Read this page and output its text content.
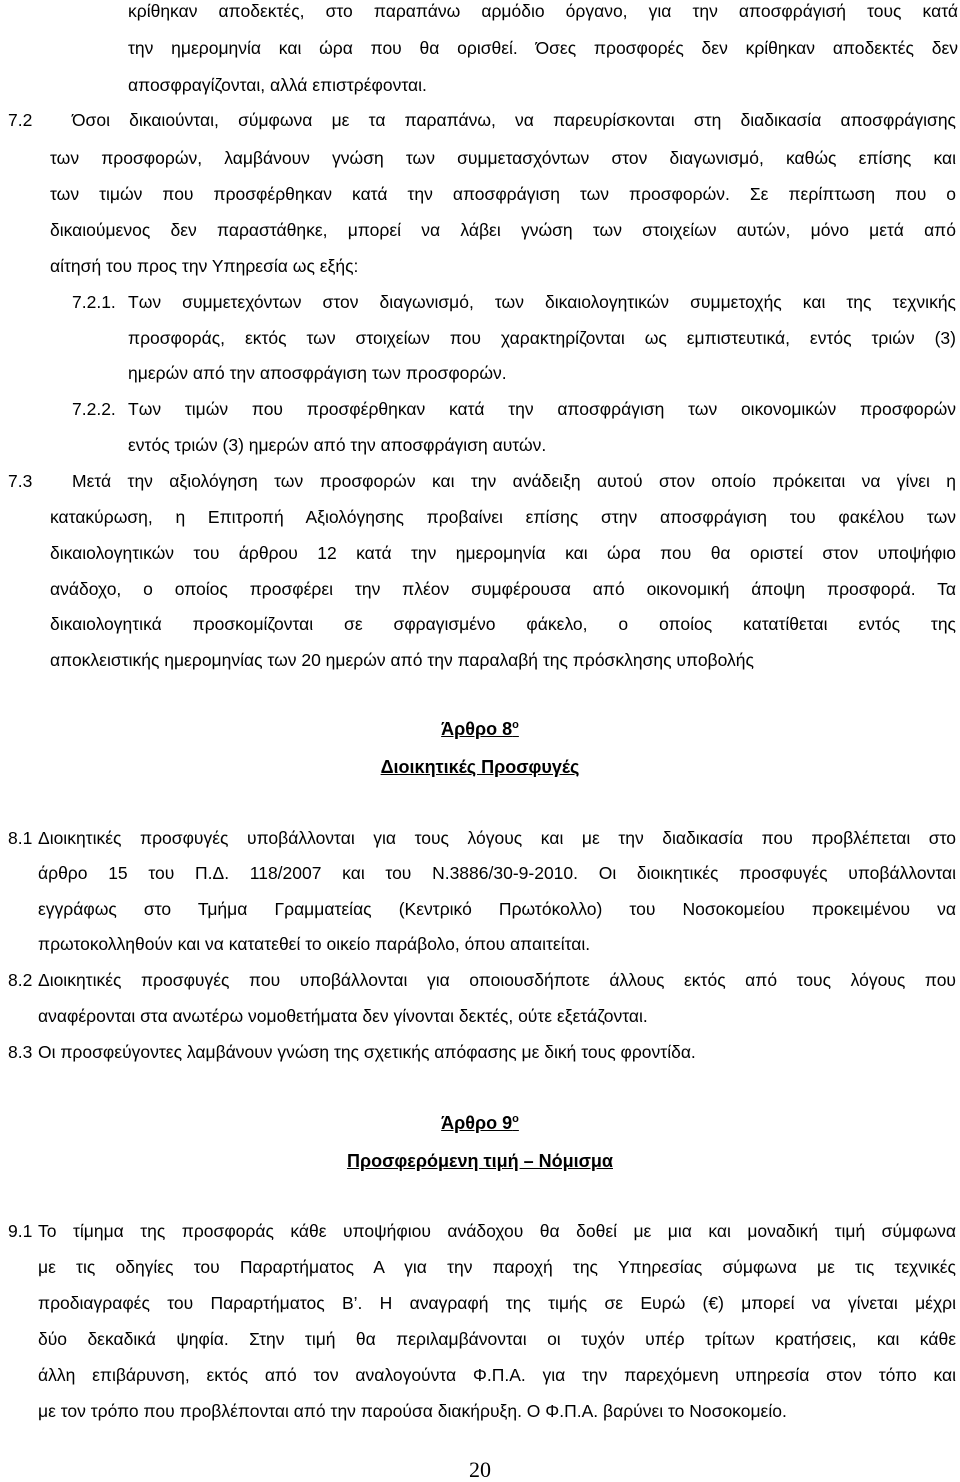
κρίθηκαν αποδεκτές, στο παραπάνω αρμόδιο όργανο, για την αποσφράγισή τους κατά
την ημερομηνία και ώρα που θα ορισθεί. Όσες προσφορές δεν κρίθηκαν αποδεκτές δεν
αποσφραγίζονται, αλλά επιστρέφονται.
7.2 Όσοι δικαιούνται, σύμφωνα με τα παραπάνω, να παρευρίσκονται στη διαδικασία αποσφράγισης
των προσφορών, λαμβάνουν γνώση των συμμετασχόντων στον διαγωνισμό, καθώς επίσης και
των τιμών που προσφέρθηκαν κατά την αποσφράγιση των προσφορών. Σε περίπτωση που ο
δικαιούμενος δεν παραστάθηκε, μπορεί να λάβει γνώση των στοιχείων αυτών, μόνο μετά από
αίτησή του προς την Υπηρεσία ως εξής:
7.2.1. Των συμμετεχόντων στον διαγωνισμό, των δικαιολογητικών συμμετοχής και της τεχνικής
προσφοράς, εκτός των στοιχείων που χαρακτηρίζονται ως εμπιστευτικά, εντός τριών (3)
ημερών από την αποσφράγιση των προσφορών.
7.2.2. Των τιμών που προσφέρθηκαν κατά την αποσφράγιση των οικονομικών προσφορών
εντός τριών (3) ημερών από την αποσφράγιση αυτών.
7.3 Μετά την αξιολόγηση των προσφορών και την ανάδειξη αυτού στον οποίο πρόκειται να γίνει η
κατακύρωση, η Επιτροπή Αξιολόγησης προβαίνει επίσης στην αποσφράγιση του φακέλου των
δικαιολογητικών του άρθρου 12 κατά την ημερομηνία και ώρα που θα οριστεί στον υποψήφιο
ανάδοχο, ο οποίος προσφέρει την πλέον συμφέρουσα από οικονομική άποψη προσφορά. Τα
δικαιολογητικά προσκομίζονται σε σφραγισμένο φάκελο, ο οποίος κατατίθεται εντός της
αποκλειστικής ημερομηνίας των 20 ημερών από την παραλαβή της πρόσκλησης υποβολής
Άρθρο $8^o$
Διοικητικές Προσφυγές
8.1 Διοικητικές προσφυγές υποβάλλονται για τους λόγους και με την διαδικασία που προβλέπεται στο
άρθρο 15 του Π.Δ. 118/2007 και του Ν.3886/30-9-2010. Οι διοικητικές προσφυγές υποβάλλονται
εγγράφως στο Τμήμα Γραμματείας (Κεντρικό Πρωτόκολλο) του Νοσοκομείου προκειμένου να
πρωτοκολληθούν και να κατατεθεί το οικείο παράβολο, όπου απαιτείται.
8.2 Διοικητικές προσφυγές που υποβάλλονται για οποιουσδήποτε άλλους εκτός από τους λόγους που
αναφέρονται στα ανωτέρω νομοθετήματα δεν γίνονται δεκτές, ούτε εξετάζονται.
8.3 Οι προσφεύγοντες λαμβάνουν γνώση της σχετικής απόφασης με δική τους φροντίδα.
Άρθρο $9^o$
Προσφερόμενη τιμή – Νόμισμα
9.1 Το τίμημα της προσφοράς κάθε υποψήφιου ανάδοχου θα δοθεί με μια και μοναδική τιμή σύμφωνα
με τις οδηγίες του Παραρτήματος Α για την παροχή της Υπηρεσίας σύμφωνα με τις τεχνικές
προδιαγραφές του Παραρτήματος Β’. Η αναγραφή της τιμής σε Ευρώ (€) μπορεί να γίνεται μέχρι
δύο δεκαδικά ψηφία. Στην τιμή θα περιλαμβάνονται οι τυχόν υπέρ τρίτων κρατήσεις, και κάθε
άλλη επιβάρυνση, εκτός από τον αναλογούντα Φ.Π.Α. για την παρεχόμενη υπηρεσία στον τόπο και
με τον τρόπο που προβλέπονται από την παρούσα διακήρυξη. Ο Φ.Π.Α. βαρύνει το Νοσοκομείο.
20
